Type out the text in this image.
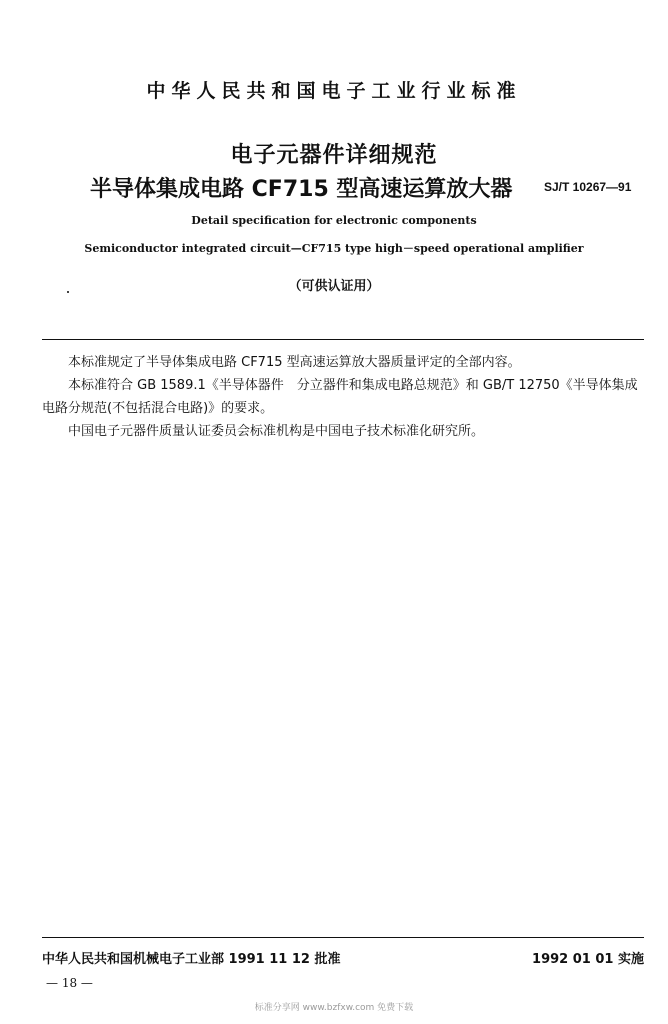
中华人民共和国电子工业行业标准
电子元器件详细规范
半导体集成电路 CF715 型高速运算放大器	SJ/T 10267—91
Detail specification for electronic components
Semiconductor integrated circuit—CF715 type high－speed operational amplifier
（可供认证用）

本标准规定了半导体集成电路 CF715 型高速运算放大器质量评定的全部内容。

本标准符合 GB 1589.1《半导体器件　分立器件和集成电路总规范》和 GB/T 12750《半导体集成电路分规范(不包括混合电路)》的要求。

中国电子元器件质量认证委员会标准机构是中国电子技术标准化研究所。

中华人民共和国机械电子工业部 1991 11 12 批准	1992 01 01 实施
— 18 —
标准分享网 www.bzfxw.com 免费下载
